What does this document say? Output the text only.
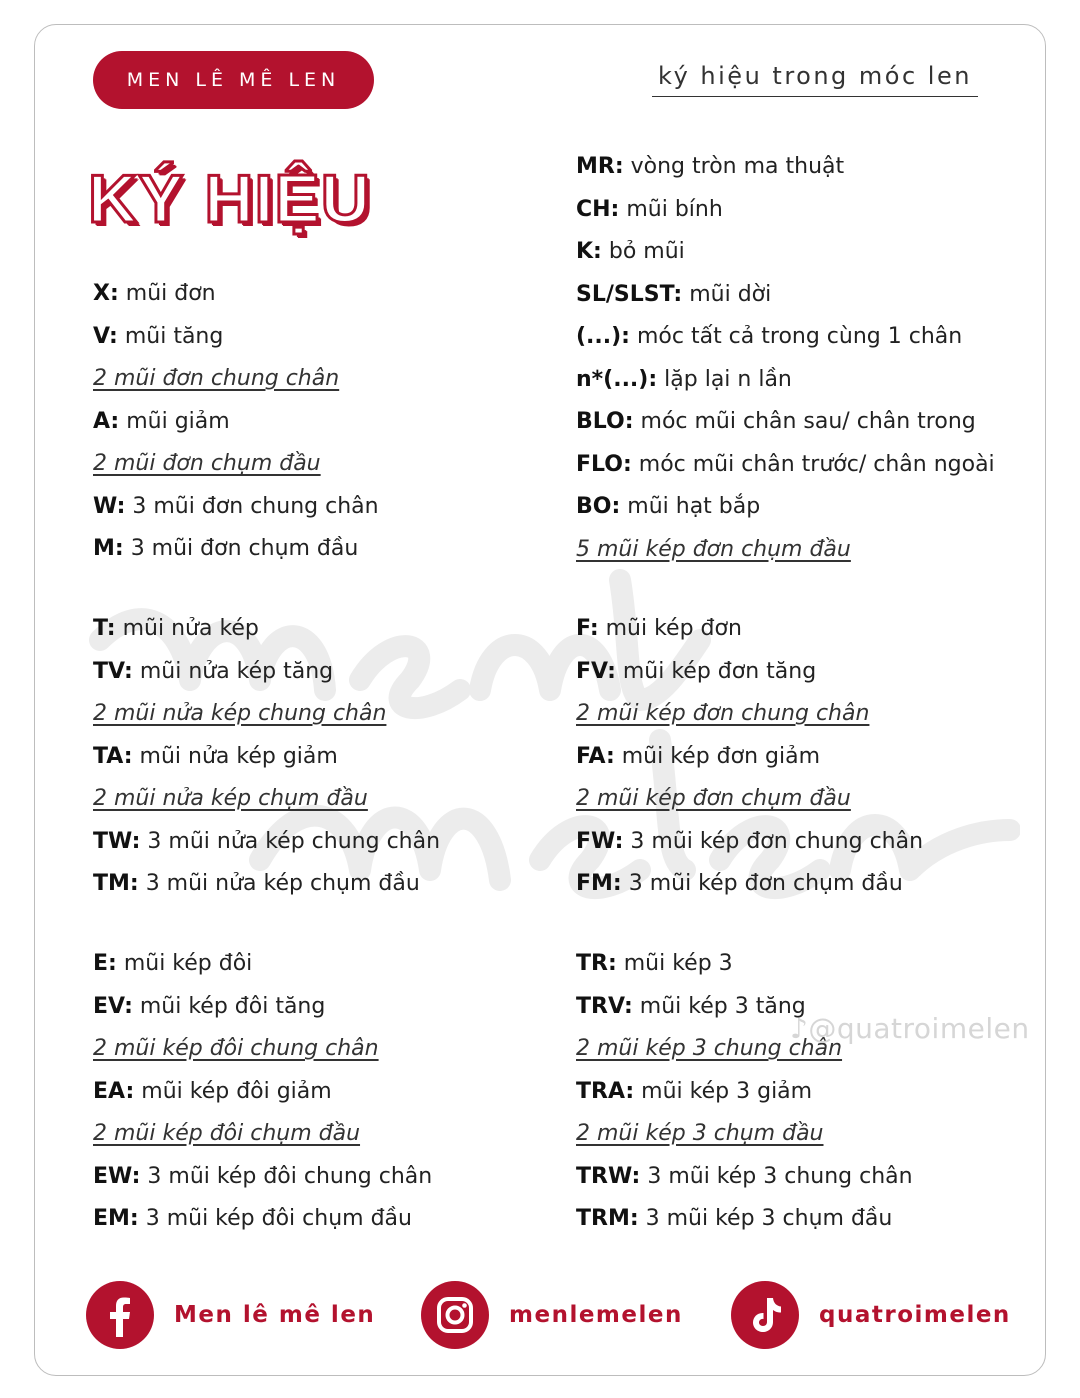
MEN LÊ MÊ LEN	ký hiệu trong móc len
KÝ HIỆU	MR: vòng tròn ma thuật
CH: mũi bính
K: bỏ mũi
SL/SLST: mũi dời
(...): móc tất cả trong cùng 1 chân
n*(...): lặp lại n lần
BLO: móc mũi chân sau/ chân trong
FLO: móc mũi chân trước/ chân ngoài
BO: mũi hạt bắp
5 mũi kép đơn chụm đầu
X: mũi đơn
V: mũi tăng
2 mũi đơn chung chân
A: mũi giảm
2 mũi đơn chụm đầu
W: 3 mũi đơn chung chân
M: 3 mũi đơn chụm đầu
T: mũi nửa kép
TV: mũi nửa kép tăng
2 mũi nửa kép chung chân
TA: mũi nửa kép giảm
2 mũi nửa kép chụm đầu
TW: 3 mũi nửa kép chung chân
TM: 3 mũi nửa kép chụm đầu
F: mũi kép đơn
FV: mũi kép đơn tăng
2 mũi kép đơn chung chân
FA: mũi kép đơn giảm
2 mũi kép đơn chụm đầu
FW: 3 mũi kép đơn chung chân
FM: 3 mũi kép đơn chụm đầu
E: mũi kép đôi
EV: mũi kép đôi tăng
2 mũi kép đôi chung chân
EA: mũi kép đôi giảm
2 mũi kép đôi chụm đầu
EW: 3 mũi kép đôi chung chân
EM: 3 mũi kép đôi chụm đầu
TR: mũi kép 3
TRV: mũi kép 3 tăng
2 mũi kép 3 chung chân
TRA: mũi kép 3 giảm
2 mũi kép 3 chụm đầu
TRW: 3 mũi kép 3 chung chân
TRM: 3 mũi kép 3 chụm đầu
♪@quatroimelen
Men lê mê len	menlemelen	quatroimelen
